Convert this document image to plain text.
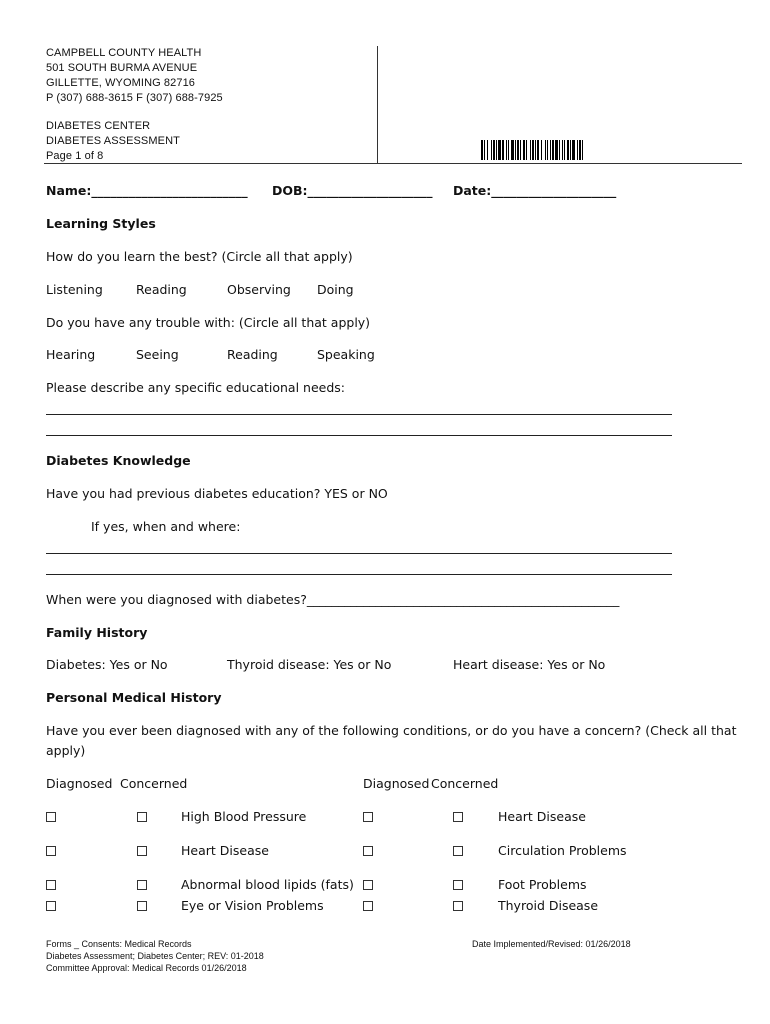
CAMPBELL COUNTY HEALTH
501 SOUTH BURMA AVENUE
GILLETTE, WYOMING 82716
P (307) 688-3615 F (307) 688-7925
DIABETES CENTER
DIABETES ASSESSMENT
Page 1 of 8
Name:_________________________ DOB:____________________ Date:____________________
Learning Styles
How do you learn the best? (Circle all that apply)
Listening	Reading	Observing Doing
Do you have any trouble with: (Circle all that apply)
Hearing	Seeing	Reading	Speaking
Please describe any specific educational needs:
Diabetes Knowledge
Have you had previous diabetes education? YES or NO
If yes, when and where:
When were you diagnosed with diabetes?__________________________________________________
Family History
Diabetes: Yes or No	Thyroid disease: Yes or No	Heart disease: Yes or No
Personal Medical History
Have you ever been diagnosed with any of the following conditions, or do you have a concern? (Check all that
apply)
Diagnosed Concerned	Diagnosed Concerned
High Blood Pressure	Heart Disease
Heart Disease	Circulation Problems
Abnormal blood lipids (fats)	Foot Problems
Eye or Vision Problems	Thyroid Disease
Forms _ Consents: Medical Records
Diabetes Assessment; Diabetes Center; REV: 01-2018
Committee Approval: Medical Records 01/26/2018
Date Implemented/Revised: 01/26/2018
